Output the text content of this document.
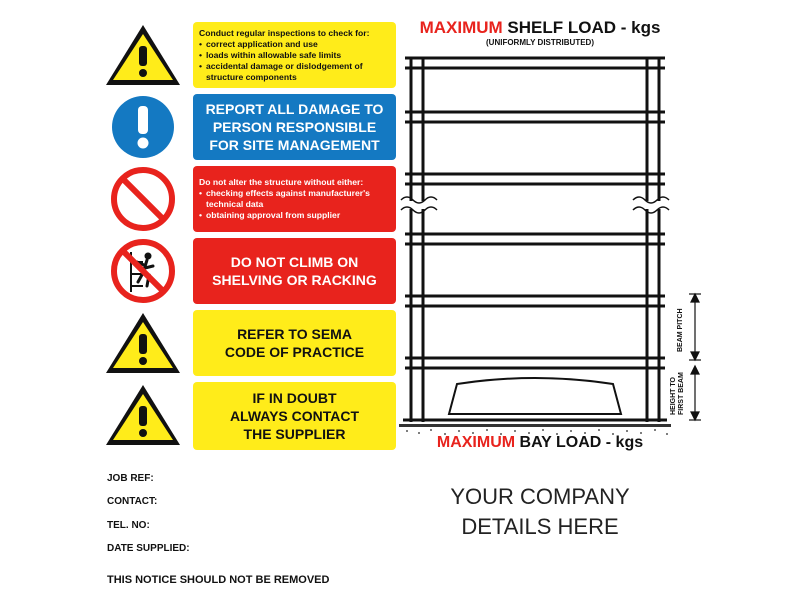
Conduct regular inspections to check for:
• correct application and use
• loads within allowable safe limits
• accidental damage or dislodgement of structure components
REPORT ALL DAMAGE TO
PERSON RESPONSIBLE
FOR SITE MANAGEMENT
Do not alter the structure without either:
• checking effects against manufacturer's technical data
• obtaining approval from supplier
DO NOT CLIMB ON
SHELVING OR RACKING
REFER TO SEMA
CODE OF PRACTICE
IF IN DOUBT
ALWAYS CONTACT
THE SUPPLIER
JOB REF:
CONTACT:
TEL. NO:
DATE SUPPLIED:
THIS NOTICE SHOULD NOT BE REMOVED
MAXIMUM SHELF LOAD - kgs
(UNIFORMLY DISTRIBUTED)
BEAM PITCH
HEIGHT TO FIRST BEAM
MAXIMUM BAY LOAD - kgs
YOUR COMPANY
DETAILS HERE
